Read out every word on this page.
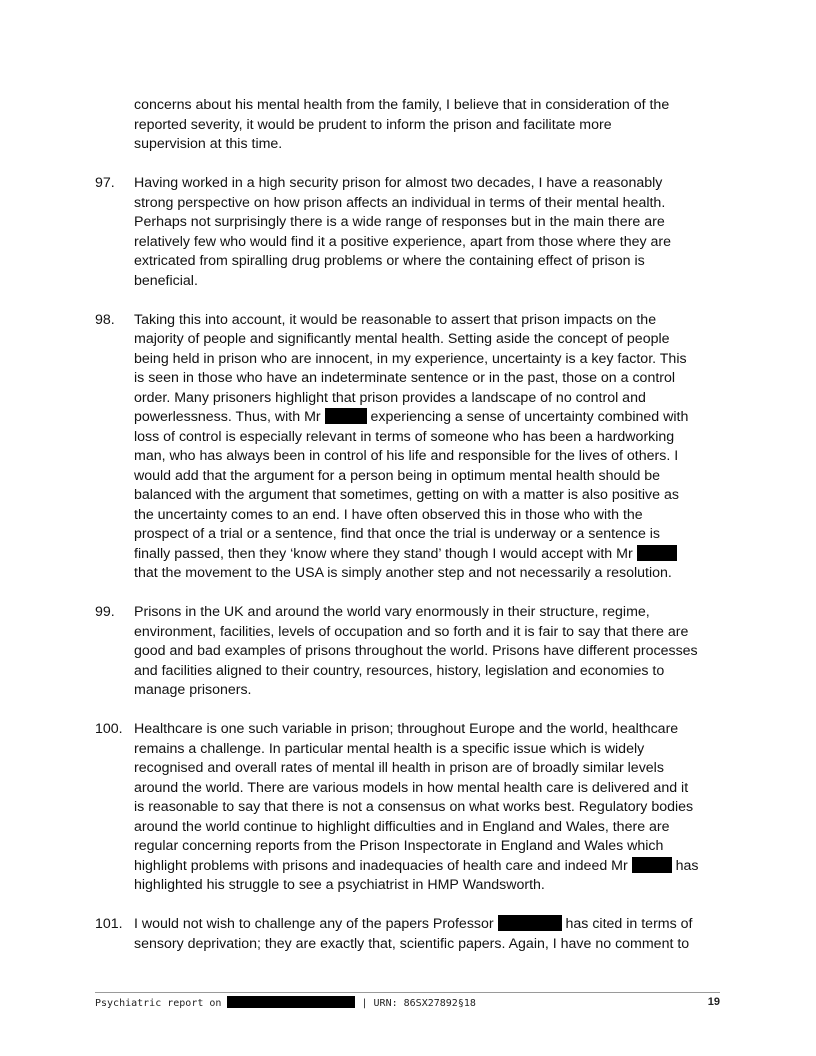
concerns about his mental health from the family, I believe that in consideration of the
reported severity, it would be prudent to inform the prison and facilitate more
supervision at this time.
97. Having worked in a high security prison for almost two decades, I have a reasonably
strong perspective on how prison affects an individual in terms of their mental health.
Perhaps not surprisingly there is a wide range of responses but in the main there are
relatively few who would find it a positive experience, apart from those where they are
extricated from spiralling drug problems or where the containing effect of prison is
beneficial.
98. Taking this into account, it would be reasonable to assert that prison impacts on the
majority of people and significantly mental health. Setting aside the concept of people
being held in prison who are innocent, in my experience, uncertainty is a key factor. This
is seen in those who have an indeterminate sentence or in the past, those on a control
order. Many prisoners highlight that prison provides a landscape of no control and
powerlessness. Thus, with Mr	experiencing a sense of uncertainty combined with
loss of control is especially relevant in terms of someone who has been a hardworking
man, who has always been in control of his life and responsible for the lives of others. I
would add that the argument for a person being in optimum mental health should be
balanced with the argument that sometimes, getting on with a matter is also positive as
the uncertainty comes to an end. I have often observed this in those who with the
prospect of a trial or a sentence, find that once the trial is underway or a sentence is
finally passed, then they ‘know where they stand’ though I would accept with Mr
that the movement to the USA is simply another step and not necessarily a resolution.
99. Prisons in the UK and around the world vary enormously in their structure, regime,
environment, facilities, levels of occupation and so forth and it is fair to say that there are
good and bad examples of prisons throughout the world. Prisons have different processes
and facilities aligned to their country, resources, history, legislation and economies to
manage prisoners.
100. Healthcare is one such variable in prison; throughout Europe and the world, healthcare
remains a challenge. In particular mental health is a specific issue which is widely
recognised and overall rates of mental ill health in prison are of broadly similar levels
around the world. There are various models in how mental health care is delivered and it
is reasonable to say that there is not a consensus on what works best. Regulatory bodies
around the world continue to highlight difficulties and in England and Wales, there are
regular concerning reports from the Prison Inspectorate in England and Wales which
highlight problems with prisons and inadequacies of health care and indeed Mr	has
highlighted his struggle to see a psychiatrist in HMP Wandsworth.
101. I would not wish to challenge any of the papers Professor	has cited in terms of
sensory deprivation; they are exactly that, scientific papers. Again, I have no comment to
Psychiatric report on	| URN: 86SX27892§18	19
